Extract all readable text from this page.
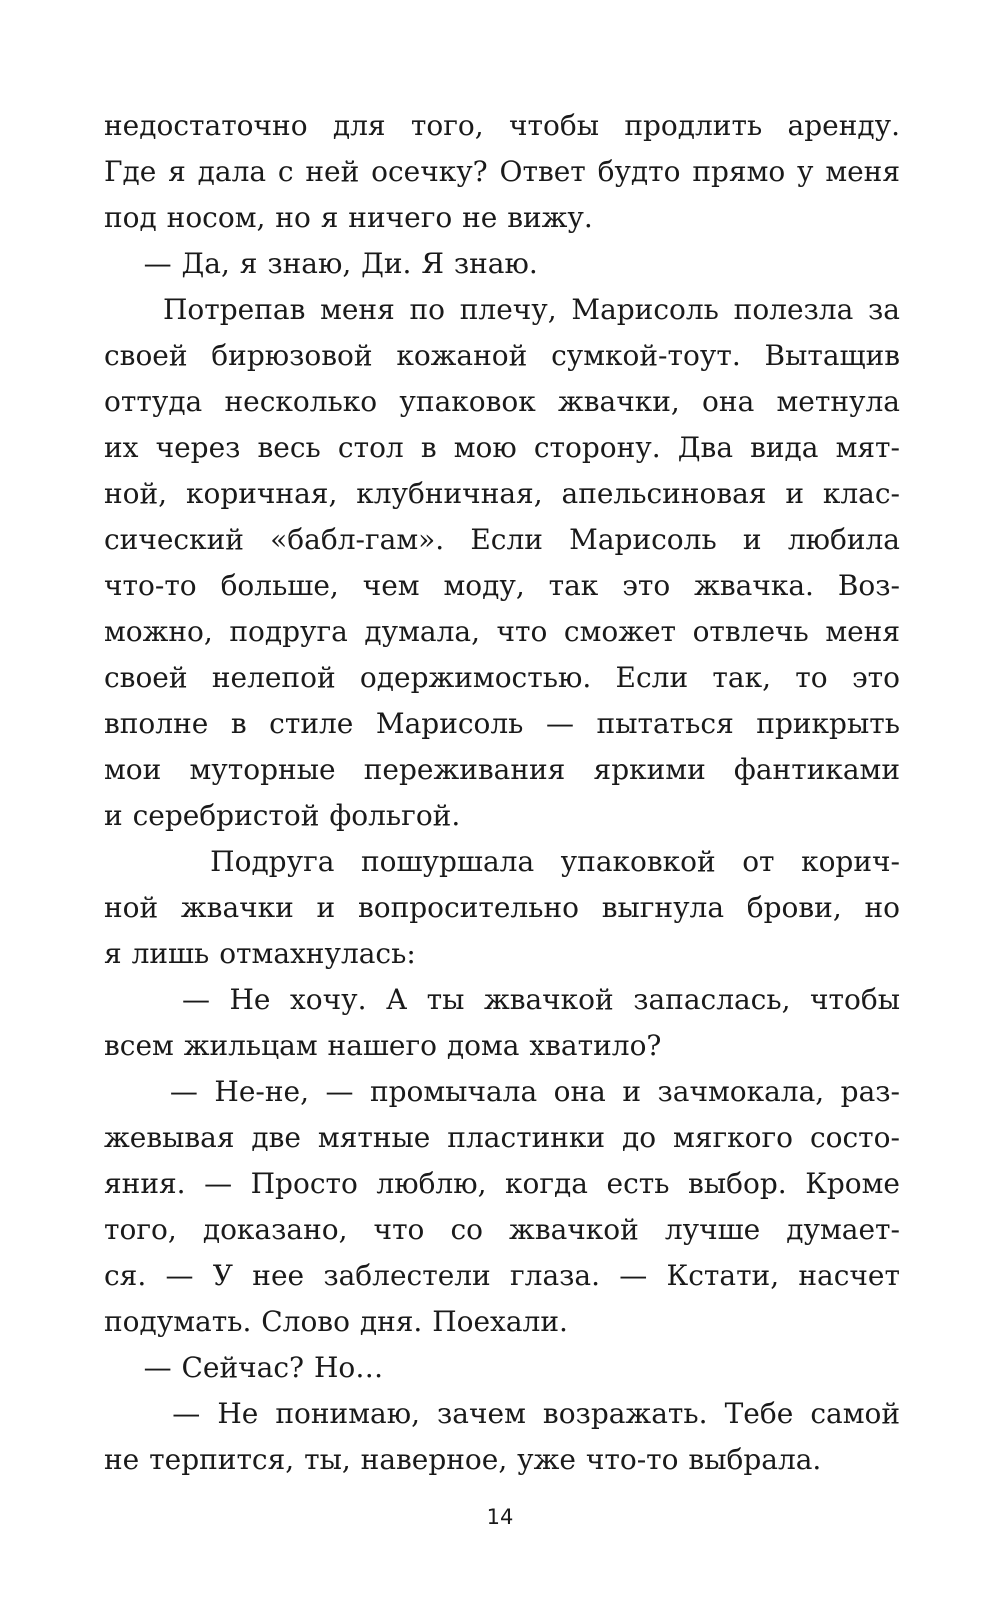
недостаточно для того, чтобы продлить аренду.
Где я дала с ней осечку? Ответ будто прямо у меня
под носом, но я ничего не вижу.
— Да, я знаю, Ди. Я знаю.
Потрепав меня по плечу, Марисоль полезла за
своей бирюзовой кожаной сумкой-тоут. Вытащив
оттуда несколько упаковок жвачки, она метнула
их через весь стол в мою сторону. Два вида мят-
ной, коричная, клубничная, апельсиновая и клас-
сический «бабл-гам». Если Марисоль и любила
что-то больше, чем моду, так это жвачка. Воз-
можно, подруга думала, что сможет отвлечь меня
своей нелепой одержимостью. Если так, то это
вполне в стиле Марисоль — пытаться прикрыть
мои муторные переживания яркими фантиками
и серебристой фольгой.
Подруга пошуршала упаковкой от корич-
ной жвачки и вопросительно выгнула брови, но
я лишь отмахнулась:
— Не хочу. А ты жвачкой запаслась, чтобы
всем жильцам нашего дома хватило?
— Не-не, — промычала она и зачмокала, раз-
жевывая две мятные пластинки до мягкого состо-
яния. — Просто люблю, когда есть выбор. Кроме
того, доказано, что со жвачкой лучше думает-
ся. — У нее заблестели глаза. — Кстати, насчет
подумать. Слово дня. Поехали.
— Сейчас? Но…
— Не понимаю, зачем возражать. Тебе самой
не терпится, ты, наверное, уже что-то выбрала.
14
